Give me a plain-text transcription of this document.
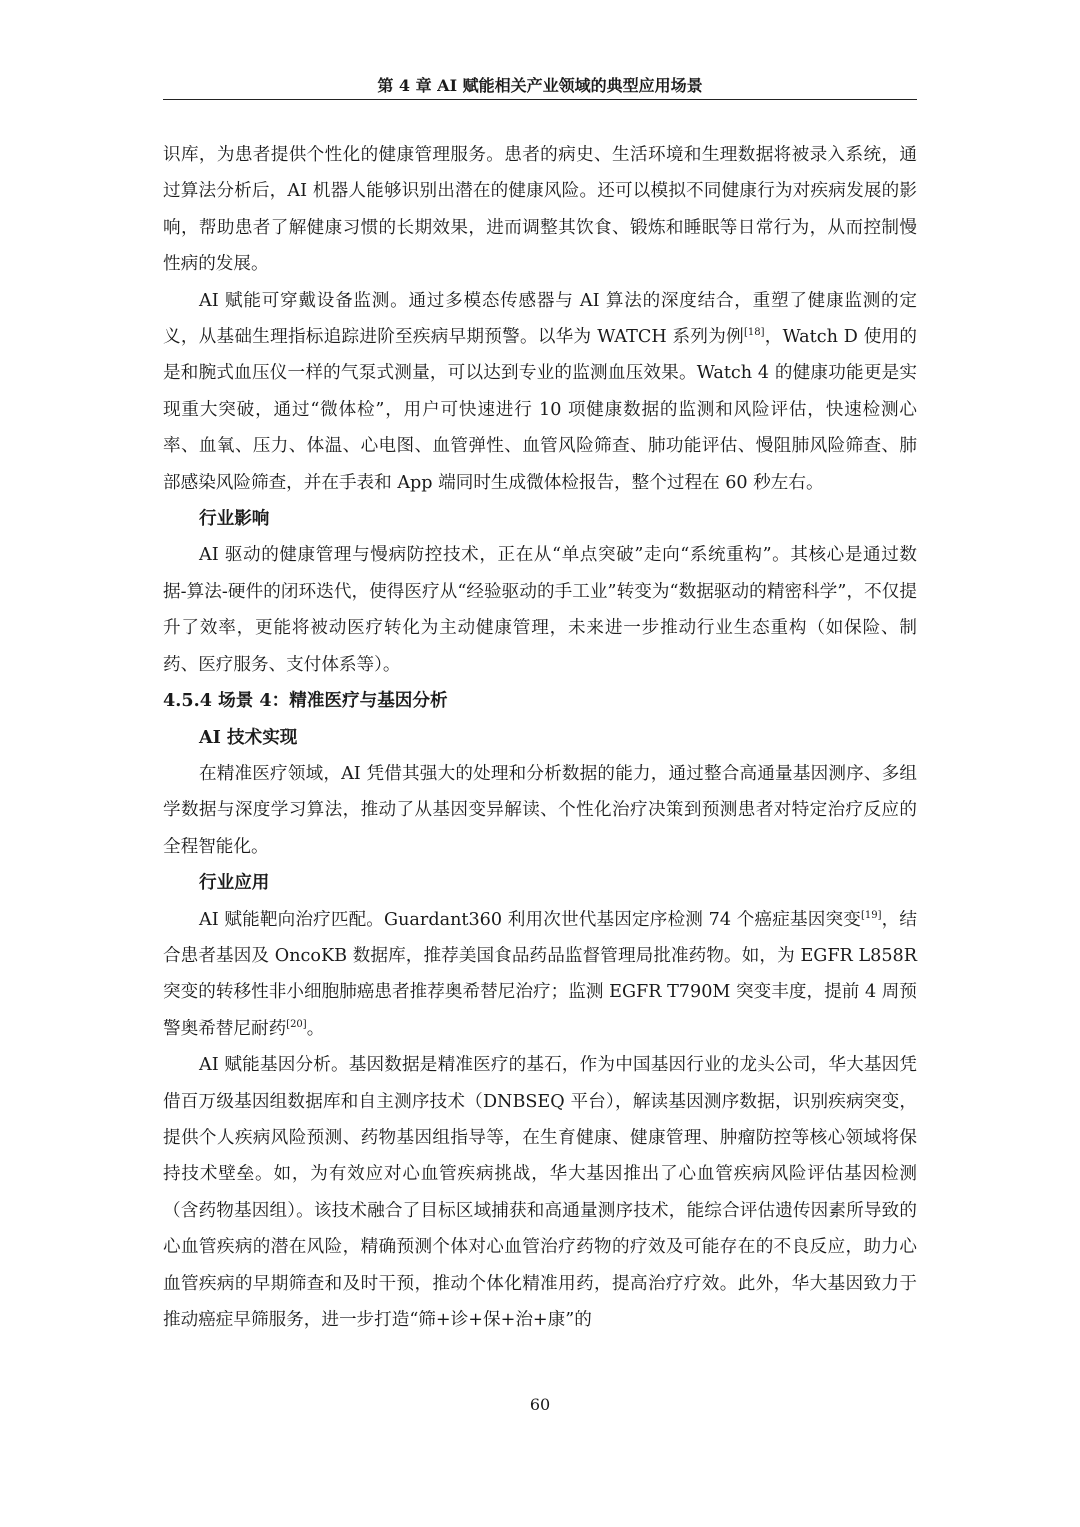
第 4 章 AI 赋能相关产业领域的典型应用场景

识库，为患者提供个性化的健康管理服务。患者的病史、生活环境和生理数据将被录入系统，通过算法分析后，AI 机器人能够识别出潜在的健康风险。还可以模拟不同健康行为对疾病发展的影响，帮助患者了解健康习惯的长期效果，进而调整其饮食、锻炼和睡眠等日常行为，从而控制慢性病的发展。

AI 赋能可穿戴设备监测。通过多模态传感器与 AI 算法的深度结合，重塑了健康监测的定义，从基础生理指标追踪进阶至疾病早期预警。以华为 WATCH 系列为例[18]，Watch D 使用的是和腕式血压仪一样的气泵式测量，可以达到专业的监测血压效果。Watch 4 的健康功能更是实现重大突破，通过“微体检”，用户可快速进行 10 项健康数据的监测和风险评估，快速检测心率、血氧、压力、体温、心电图、血管弹性、血管风险筛查、肺功能评估、慢阻肺风险筛查、肺部感染风险筛查，并在手表和 App 端同时生成微体检报告，整个过程在 60 秒左右。

行业影响

AI 驱动的健康管理与慢病防控技术，正在从“单点突破”走向“系统重构”。其核心是通过数据-算法-硬件的闭环迭代，使得医疗从“经验驱动的手工业”转变为“数据驱动的精密科学”，不仅提升了效率，更能将被动医疗转化为主动健康管理，未来进一步推动行业生态重构（如保险、制药、医疗服务、支付体系等）。

4.5.4 场景 4：精准医疗与基因分析
AI 技术实现

在精准医疗领域，AI 凭借其强大的处理和分析数据的能力，通过整合高通量基因测序、多组学数据与深度学习算法，推动了从基因变异解读、个性化治疗决策到预测患者对特定治疗反应的全程智能化。

行业应用

AI 赋能靶向治疗匹配。Guardant360 利用次世代基因定序检测 74 个癌症基因突变[19]，结合患者基因及 OncoKB 数据库，推荐美国食品药品监督管理局批准药物。如，为 EGFR L858R 突变的转移性非小细胞肺癌患者推荐奥希替尼治疗；监测 EGFR T790M 突变丰度，提前 4 周预警奥希替尼耐药[20]。

AI 赋能基因分析。基因数据是精准医疗的基石，作为中国基因行业的龙头公司，华大基因凭借百万级基因组数据库和自主测序技术（DNBSEQ 平台），解读基因测序数据，识别疾病突变，提供个人疾病风险预测、药物基因组指导等，在生育健康、健康管理、肿瘤防控等核心领域将保持技术壁垒。如，为有效应对心血管疾病挑战，华大基因推出了心血管疾病风险评估基因检测（含药物基因组）。该技术融合了目标区域捕获和高通量测序技术，能综合评估遗传因素所导致的心血管疾病的潜在风险，精确预测个体对心血管治疗药物的疗效及可能存在的不良反应，助力心血管疾病的早期筛查和及时干预，推动个体化精准用药，提高治疗疗效。此外，华大基因致力于推动癌症早筛服务，进一步打造“筛+诊+保+治+康”的

60
